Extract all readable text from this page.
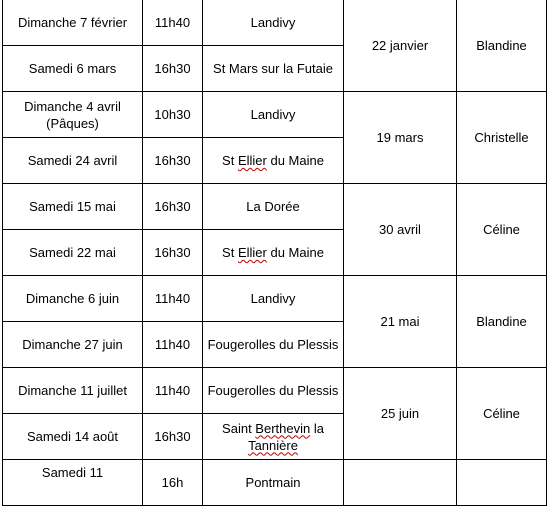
Dimanche 7 février	11h40	Landivy	22 janvier	Blandine
Samedi 6 mars	16h30	St Mars sur la Futaie		
Dimanche 4 avril (Pâques)	10h30	Landivy	19 mars	Christelle
Samedi 24 avril	16h30	St Ellier du Maine		
Samedi 15 mai	16h30	La Dorée	30 avril	Céline
Samedi 22 mai	16h30	St Ellier du Maine		
Dimanche 6 juin	11h40	Landivy	21 mai	Blandine
Dimanche 27 juin	11h40	Fougerolles du Plessis		
Dimanche 11 juillet	11h40	Fougerolles du Plessis	25 juin	Céline
Samedi 14 août	16h30	Saint Berthevin la Tannière		
Samedi 11	16h	Pontmain		
